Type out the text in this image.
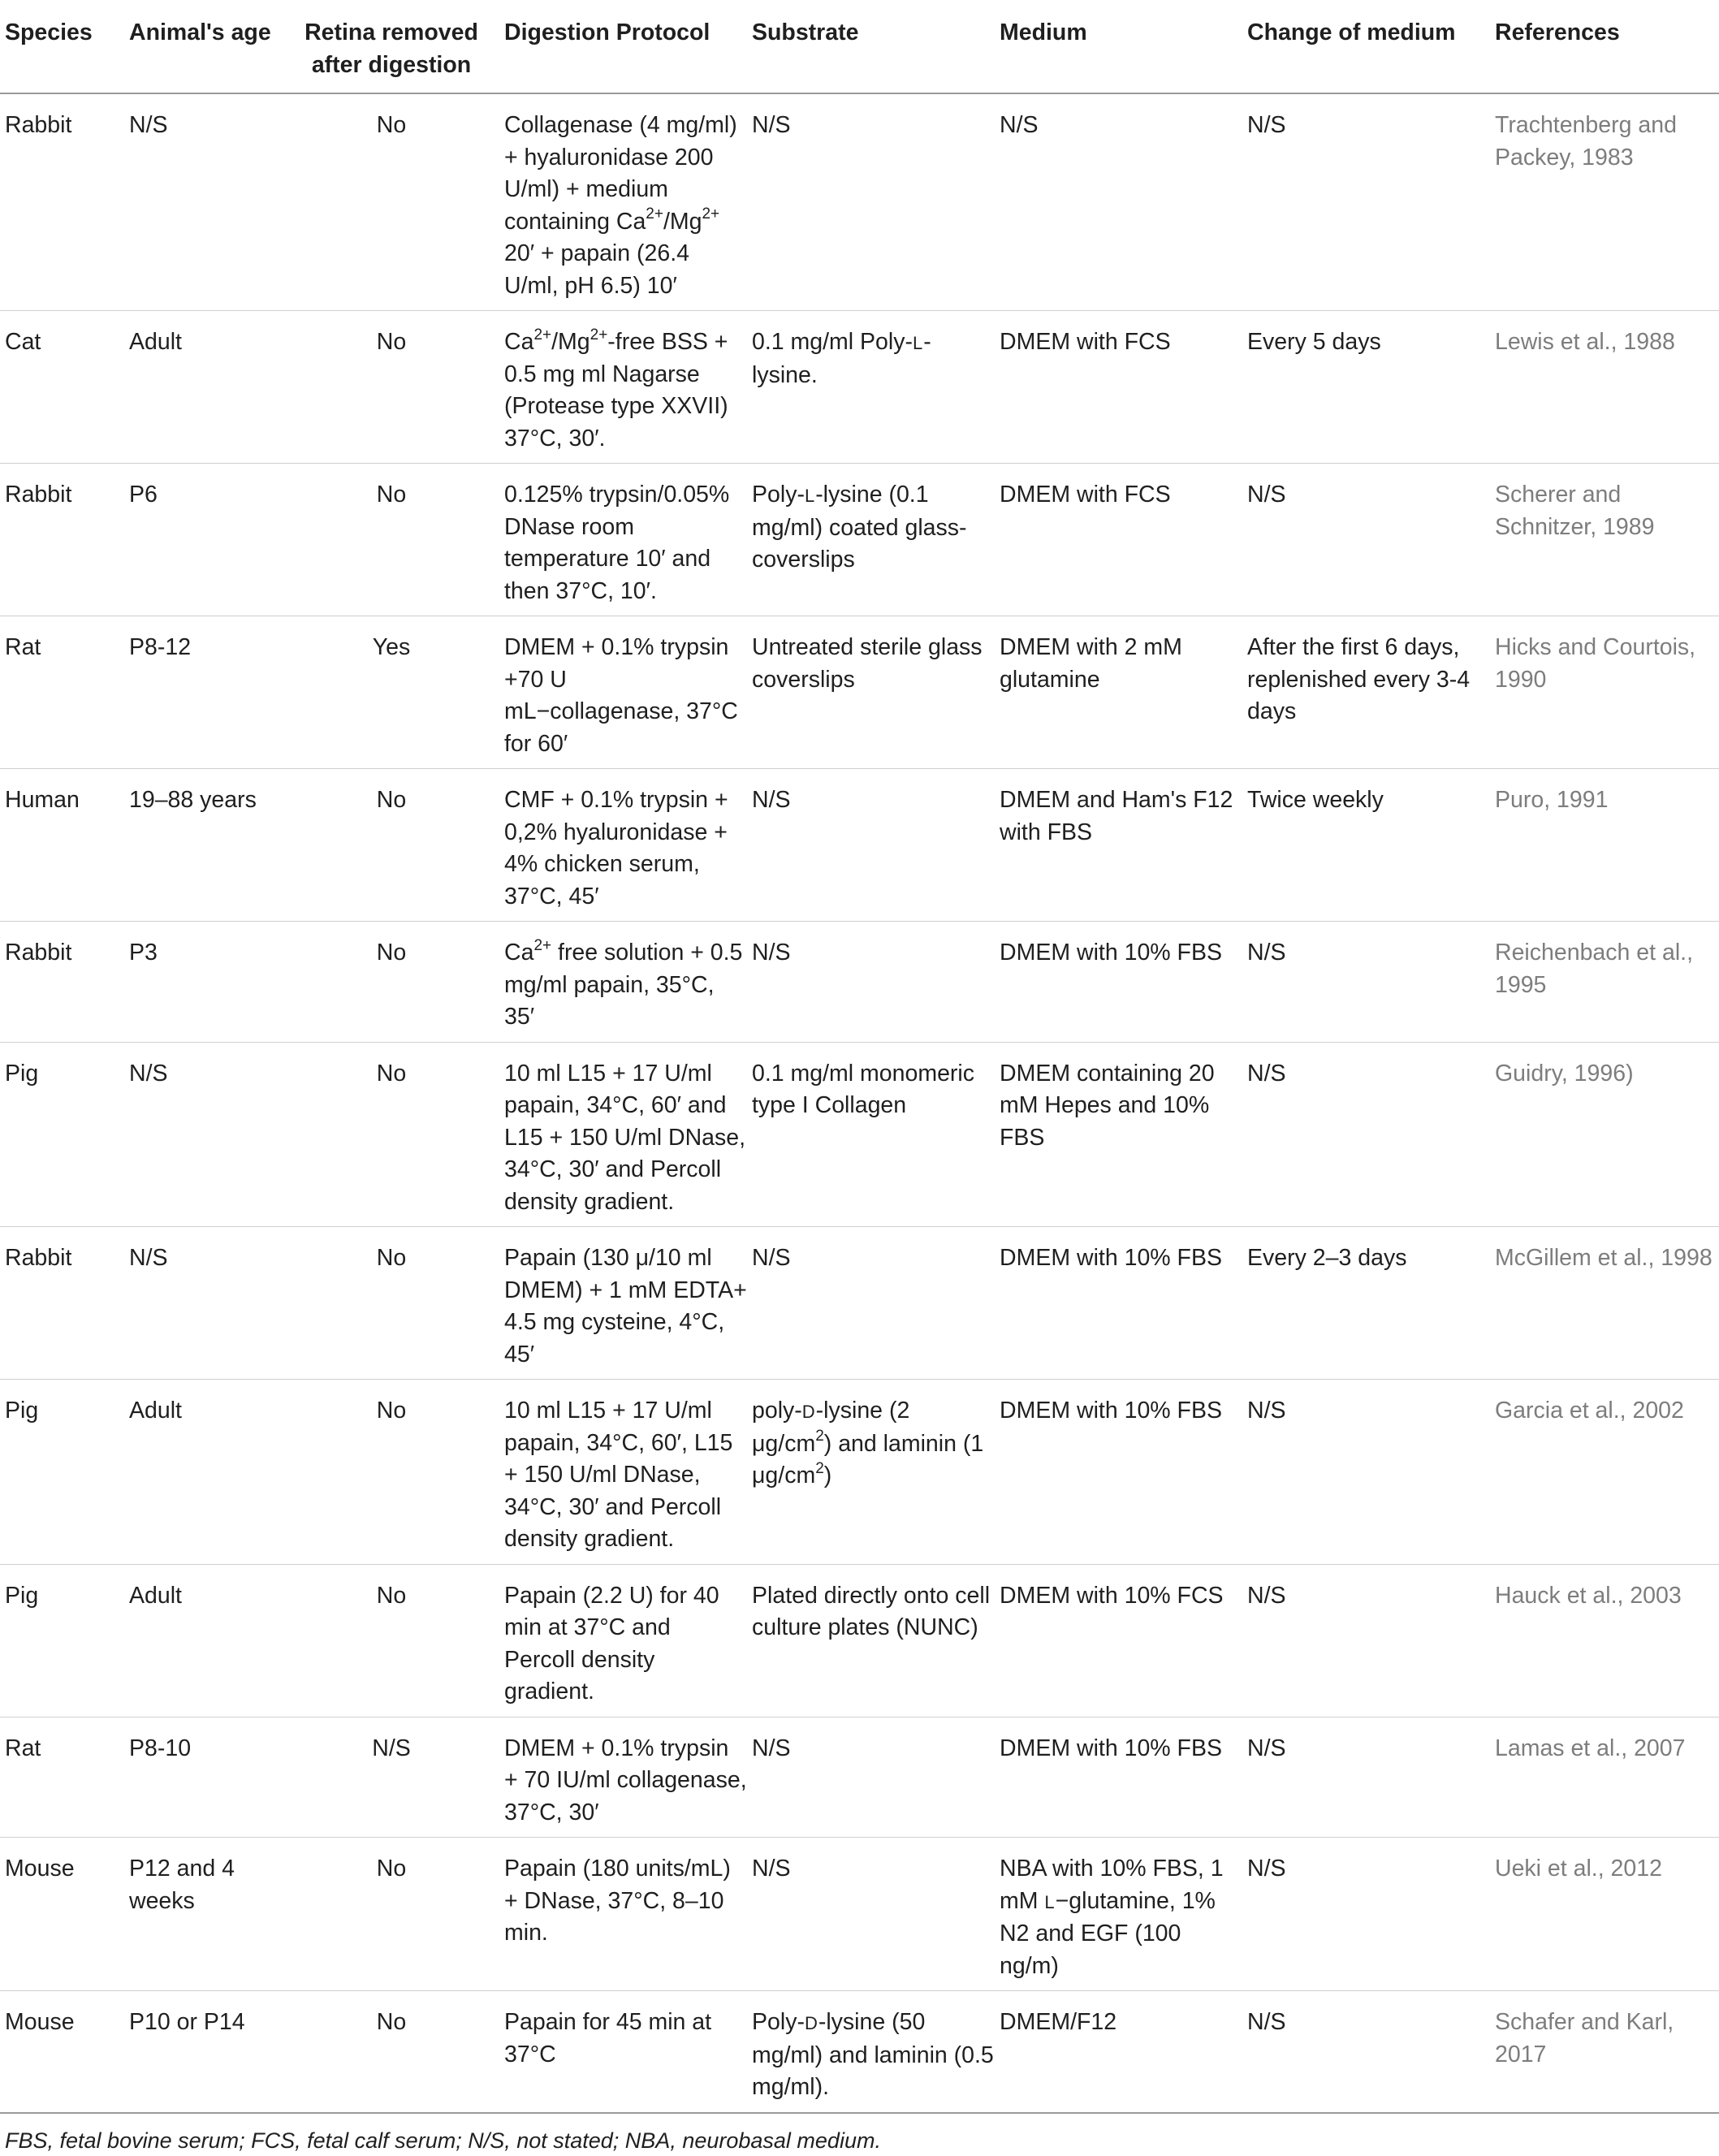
Species	Animal's age	Retina removed after digestion	Digestion Protocol	Substrate	Medium	Change of medium	References
Rabbit	N/S	No	Collagenase (4 mg/ml) + hyaluronidase 200 U/ml) + medium containing $Ca^{2+}/Mg^{2+}$ 20′ + papain (26.4 U/ml, pH 6.5) 10′	N/S	N/S	N/S	Trachtenberg and Packey, 1983
Cat	Adult	No	$Ca^{2+}/Mg^{2+}$-free BSS + 0.5 mg ml Nagarse (Protease type XXVII) 37°C, 30′.	0.1 mg/ml Poly-L-lysine.	DMEM with FCS	Every 5 days	Lewis et al., 1988
Rabbit	P6	No	0.125% trypsin/0.05% DNase room temperature 10′ and then 37°C, 10′.	Poly-L-lysine (0.1 mg/ml) coated glass-coverslips	DMEM with FCS	N/S	Scherer and Schnitzer, 1989
Rat	P8-12	Yes	DMEM + 0.1% trypsin +70 U mL−collagenase, 37°C for 60′	Untreated sterile glass coverslips	DMEM with 2 mM glutamine	After the first 6 days, replenished every 3-4 days	Hicks and Courtois, 1990
Human	19–88 years	No	CMF + 0.1% trypsin + 0,2% hyaluronidase + 4% chicken serum, 37°C, 45′	N/S	DMEM and Ham's F12 with FBS	Twice weekly	Puro, 1991
Rabbit	P3	No	$Ca^{2+}$ free solution + 0.5 mg/ml papain, 35°C, 35′	N/S	DMEM with 10% FBS	N/S	Reichenbach et al., 1995
Pig	N/S	No	10 ml L15 + 17 U/ml papain, 34°C, 60′ and L15 + 150 U/ml DNase, 34°C, 30′ and Percoll density gradient.	0.1 mg/ml monomeric type I Collagen	DMEM containing 20 mM Hepes and 10% FBS	N/S	Guidry, 1996)
Rabbit	N/S	No	Papain (130 μ/10 ml DMEM) + 1 mM EDTA+ 4.5 mg cysteine, 4°C, 45′	N/S	DMEM with 10% FBS	Every 2–3 days	McGillem et al., 1998
Pig	Adult	No	10 ml L15 + 17 U/ml papain, 34°C, 60′, L15 + 150 U/ml DNase, 34°C, 30′ and Percoll density gradient.	poly-D-lysine (2 $\mu g/cm^2$) and laminin (1 $\mu g/cm^2$)	DMEM with 10% FBS	N/S	Garcia et al., 2002
Pig	Adult	No	Papain (2.2 U) for 40 min at 37°C and Percoll density gradient.	Plated directly onto cell culture plates (NUNC)	DMEM with 10% FCS	N/S	Hauck et al., 2003
Rat	P8-10	N/S	DMEM + 0.1% trypsin + 70 IU/ml collagenase, 37°C, 30′	N/S	DMEM with 10% FBS	N/S	Lamas et al., 2007
Mouse	P12 and 4 weeks	No	Papain (180 units/mL) + DNase, 37°C, 8–10 min.	N/S	NBA with 10% FBS, 1 mM L−glutamine, 1% N2 and EGF (100 ng/m)	N/S	Ueki et al., 2012
Mouse	P10 or P14	No	Papain for 45 min at 37°C	Poly-D-lysine (50 mg/ml) and laminin (0.5 mg/ml).	DMEM/F12	N/S	Schafer and Karl, 2017
FBS, fetal bovine serum; FCS, fetal calf serum; N/S, not stated; NBA, neurobasal medium.
